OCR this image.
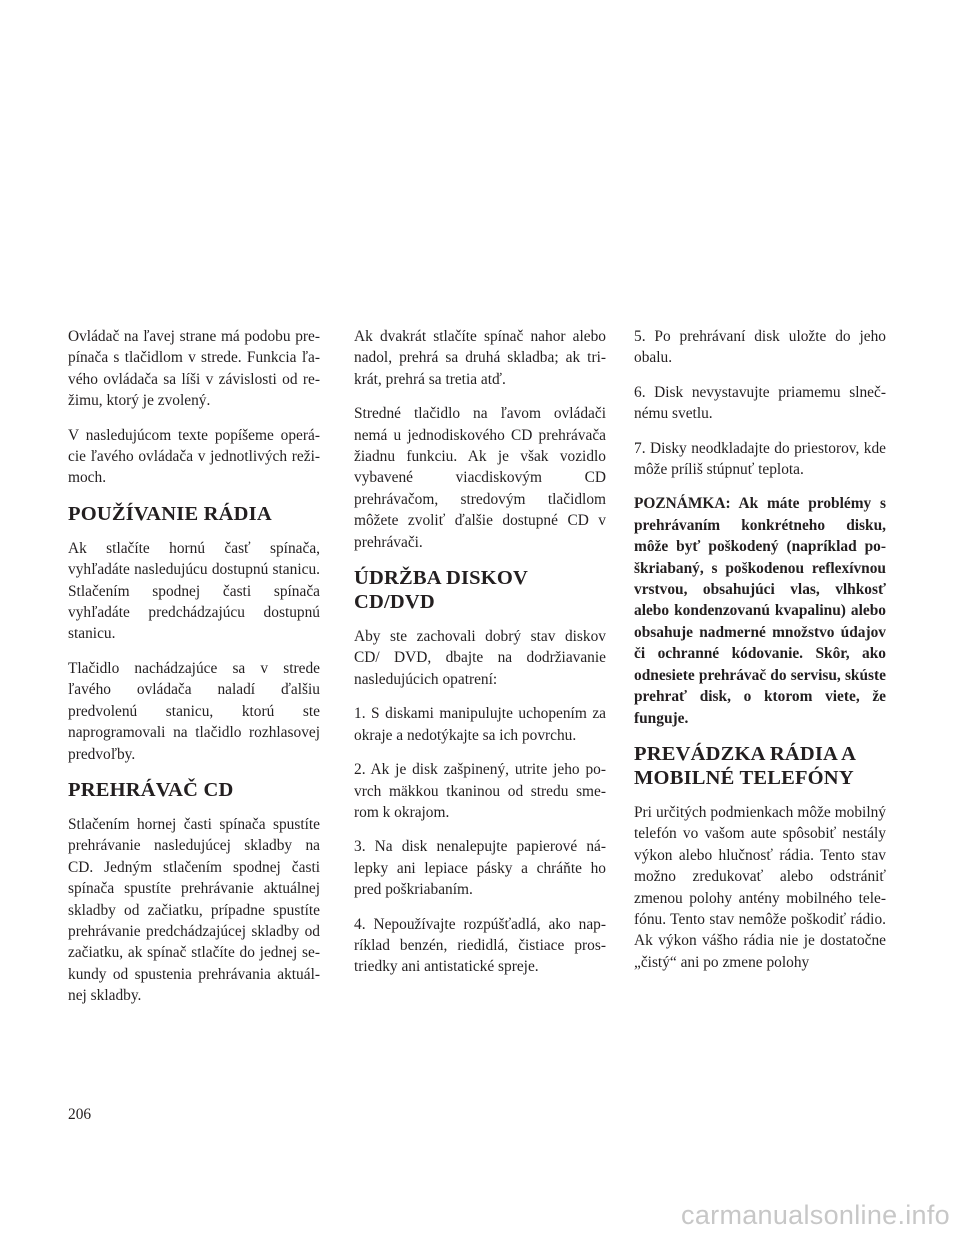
Ovládač na ľavej strane má podobu prepínača s tlačidlom v strede. Funkcia ľavého ovládača sa líši v závislosti od režimu, ktorý je zvolený.

V nasledujúcom texte popíšeme operácie ľavého ovládača v jednotlivých režimoch.

POUŽÍVANIE RÁDIA

Ak stlačíte hornú časť spínača, vyhľadáte nasledujúcu dostupnú stanicu. Stlačením spodnej časti spínača vyhľadáte predchádzajúcu dostupnú stanicu.

Tlačidlo nachádzajúce sa v strede ľavého ovládača naladí ďalšiu predvolenú stanicu, ktorú ste naprogramovali na tlačidlo rozhlasovej predvoľby.

PREHRÁVAČ CD

Stlačením hornej časti spínača spustíte prehrávanie nasledujúcej skladby na CD. Jedným stlačením spodnej časti spínača spustíte prehrávanie aktuálnej skladby od začiatku, prípadne spustíte prehrávanie predchádzajúcej skladby od začiatku, ak spínač stlačíte do jednej sekundy od spustenia prehrávania aktuálnej skladby.

Ak dvakrát stlačíte spínač nahor alebo nadol, prehrá sa druhá skladba; ak trikrát, prehrá sa tretia atď.

Stredné tlačidlo na ľavom ovládači nemá u jednodiskového CD prehrávača žiadnu funkciu. Ak je však vozidlo vybavené viacdiskovým CD prehrávačom, stredovým tlačidlom môžete zvoliť ďalšie dostupné CD v prehrávači.

ÚDRŽBA DISKOV
CD/DVD

Aby ste zachovali dobrý stav diskov CD/ DVD, dbajte na dodržiavanie nasledujúcich opatrení:

1. S diskami manipulujte uchopením za okraje a nedotýkajte sa ich povrchu.

2. Ak je disk zašpinený, utrite jeho povrch mäkkou tkaninou od stredu smerom k okrajom.

3. Na disk nenalepujte papierové nálepky ani lepiace pásky a chráňte ho pred poškriabaním.

4. Nepoužívajte rozpúšťadlá, ako napríklad benzén, riedidlá, čistiace prostriedky ani antistatické spreje.

5. Po prehrávaní disk uložte do jeho obalu.

6. Disk nevystavujte priamemu slnečnému svetlu.

7. Disky neodkladajte do priestorov, kde môže príliš stúpnuť teplota.

POZNÁMKA: Ak máte problémy s prehrávaním konkrétneho disku, môže byť poškodený (napríklad poškriabaný, s poškodenou reflexívnou vrstvou, obsahujúci vlas, vlhkosť alebo kondenzovanú kvapalinu) alebo obsahuje nadmerné množstvo údajov či ochranné kódovanie. Skôr, ako odnesiete prehrávač do servisu, skúste prehrať disk, o ktorom viete, že funguje.

PREVÁDZKA RÁDIA A
MOBILNÉ TELEFÓNY

Pri určitých podmienkach môže mobilný telefón vo vašom aute spôsobiť nestály výkon alebo hlučnosť rádia. Tento stav možno zredukovať alebo odstrániť zmenou polohy antény mobilného telefónu. Tento stav nemôže poškodiť rádio. Ak výkon vášho rádia nie je dostatočne „čistý“ ani po zmene polohy

206
carmanualsonline.info
